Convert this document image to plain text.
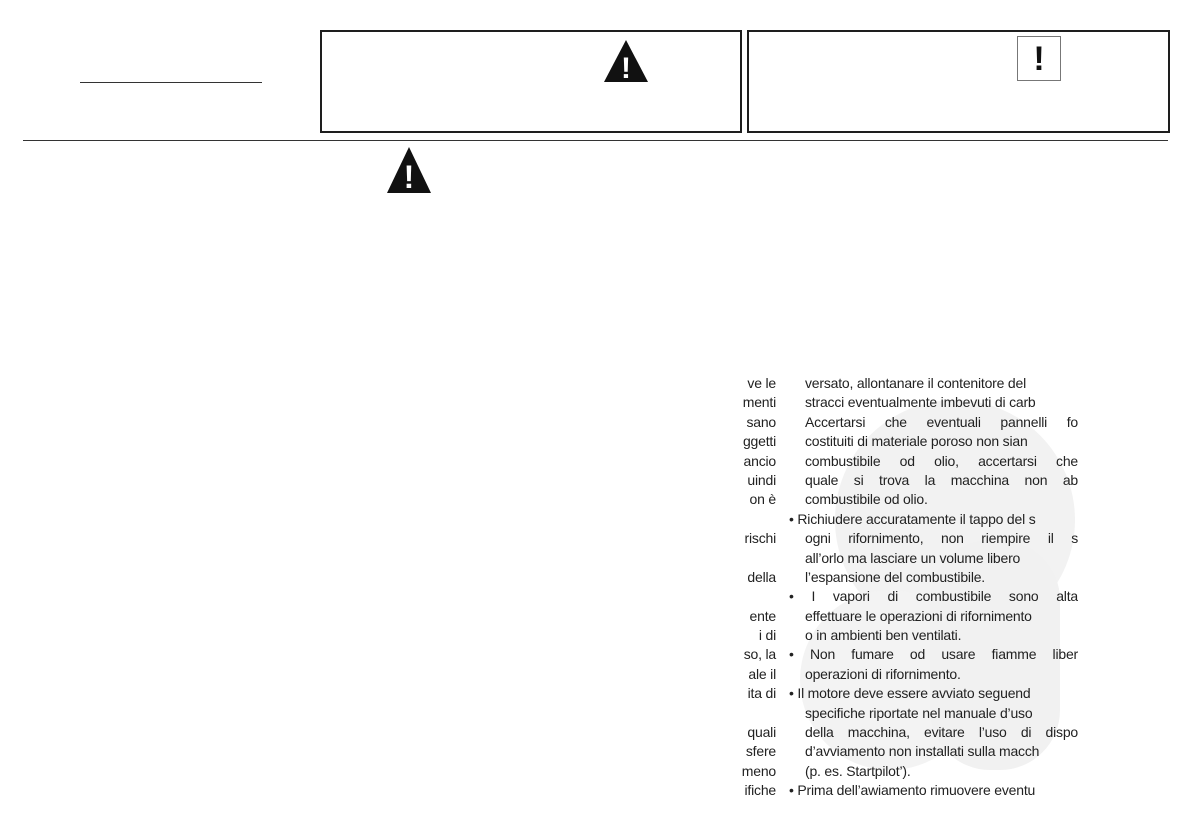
!	!
!
ve le
menti
sano
ggetti
ancio
uindi
on è
rischi
della
ente
i di
so, la
ale il
ita di
quali
sfere
meno
ifiche
versato, allontanare il contenitore del
stracci eventualmente imbevuti di carb
Accertarsi che eventuali pannelli fo
costituiti di materiale poroso non sian
combustibile od olio, accertarsi che
quale si trova la macchina non ab
combustibile od olio.
• Richiudere accuratamente il tappo del s
ogni rifornimento, non riempire il s
all’orlo ma lasciare un volume libero
l’espansione del combustibile.
• I vapori di combustibile sono alta
effettuare le operazioni di rifornimento
o in ambienti ben ventilati.
• Non fumare od usare fiamme liber
operazioni di rifornimento.
• Il motore deve essere avviato seguend
specifiche riportate nel manuale d’uso
della macchina, evitare l’uso di dispo
d’avviamento non installati sulla macch
(p. es. Startpilot’).
• Prima dell’awiamento rimuovere eventu
